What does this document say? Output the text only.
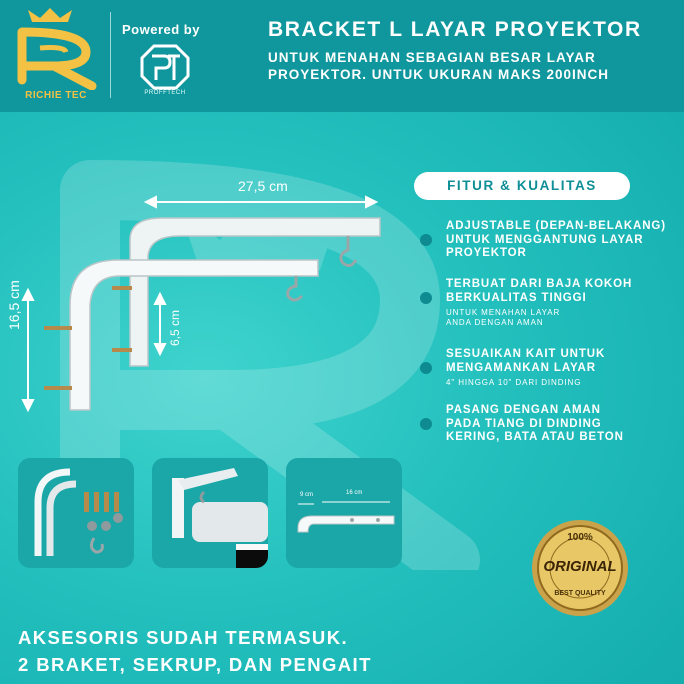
RICHIE TEC
Powered by
PROFFTECH
BRACKET L LAYAR PROYEKTOR
UNTUK MENAHAN SEBAGIAN BESAR LAYAR
PROYEKTOR. UNTUK UKURAN MAKS 200INCH
27,5 cm
16,5 cm	6,5 cm
FITUR & KUALITAS
ADJUSTABLE (DEPAN-BELAKANG)
UNTUK MENGGANTUNG LAYAR
PROYEKTOR
TERBUAT DARI BAJA KOKOH
BERKUALITAS TINGGI
UNTUK MENAHAN LAYAR
ANDA DENGAN AMAN
SESUAIKAN KAIT UNTUK
MENGAMANKAN LAYAR
4" HINGGA 10" DARI DINDING
PASANG DENGAN AMAN
PADA TIANG DI DINDING
KERING, BATA ATAU BETON
9 cm	16 cm
100%
ORIGINAL
BEST QUALITY
AKSESORIS SUDAH TERMASUK.
2 BRAKET, SEKRUP, DAN PENGAIT
